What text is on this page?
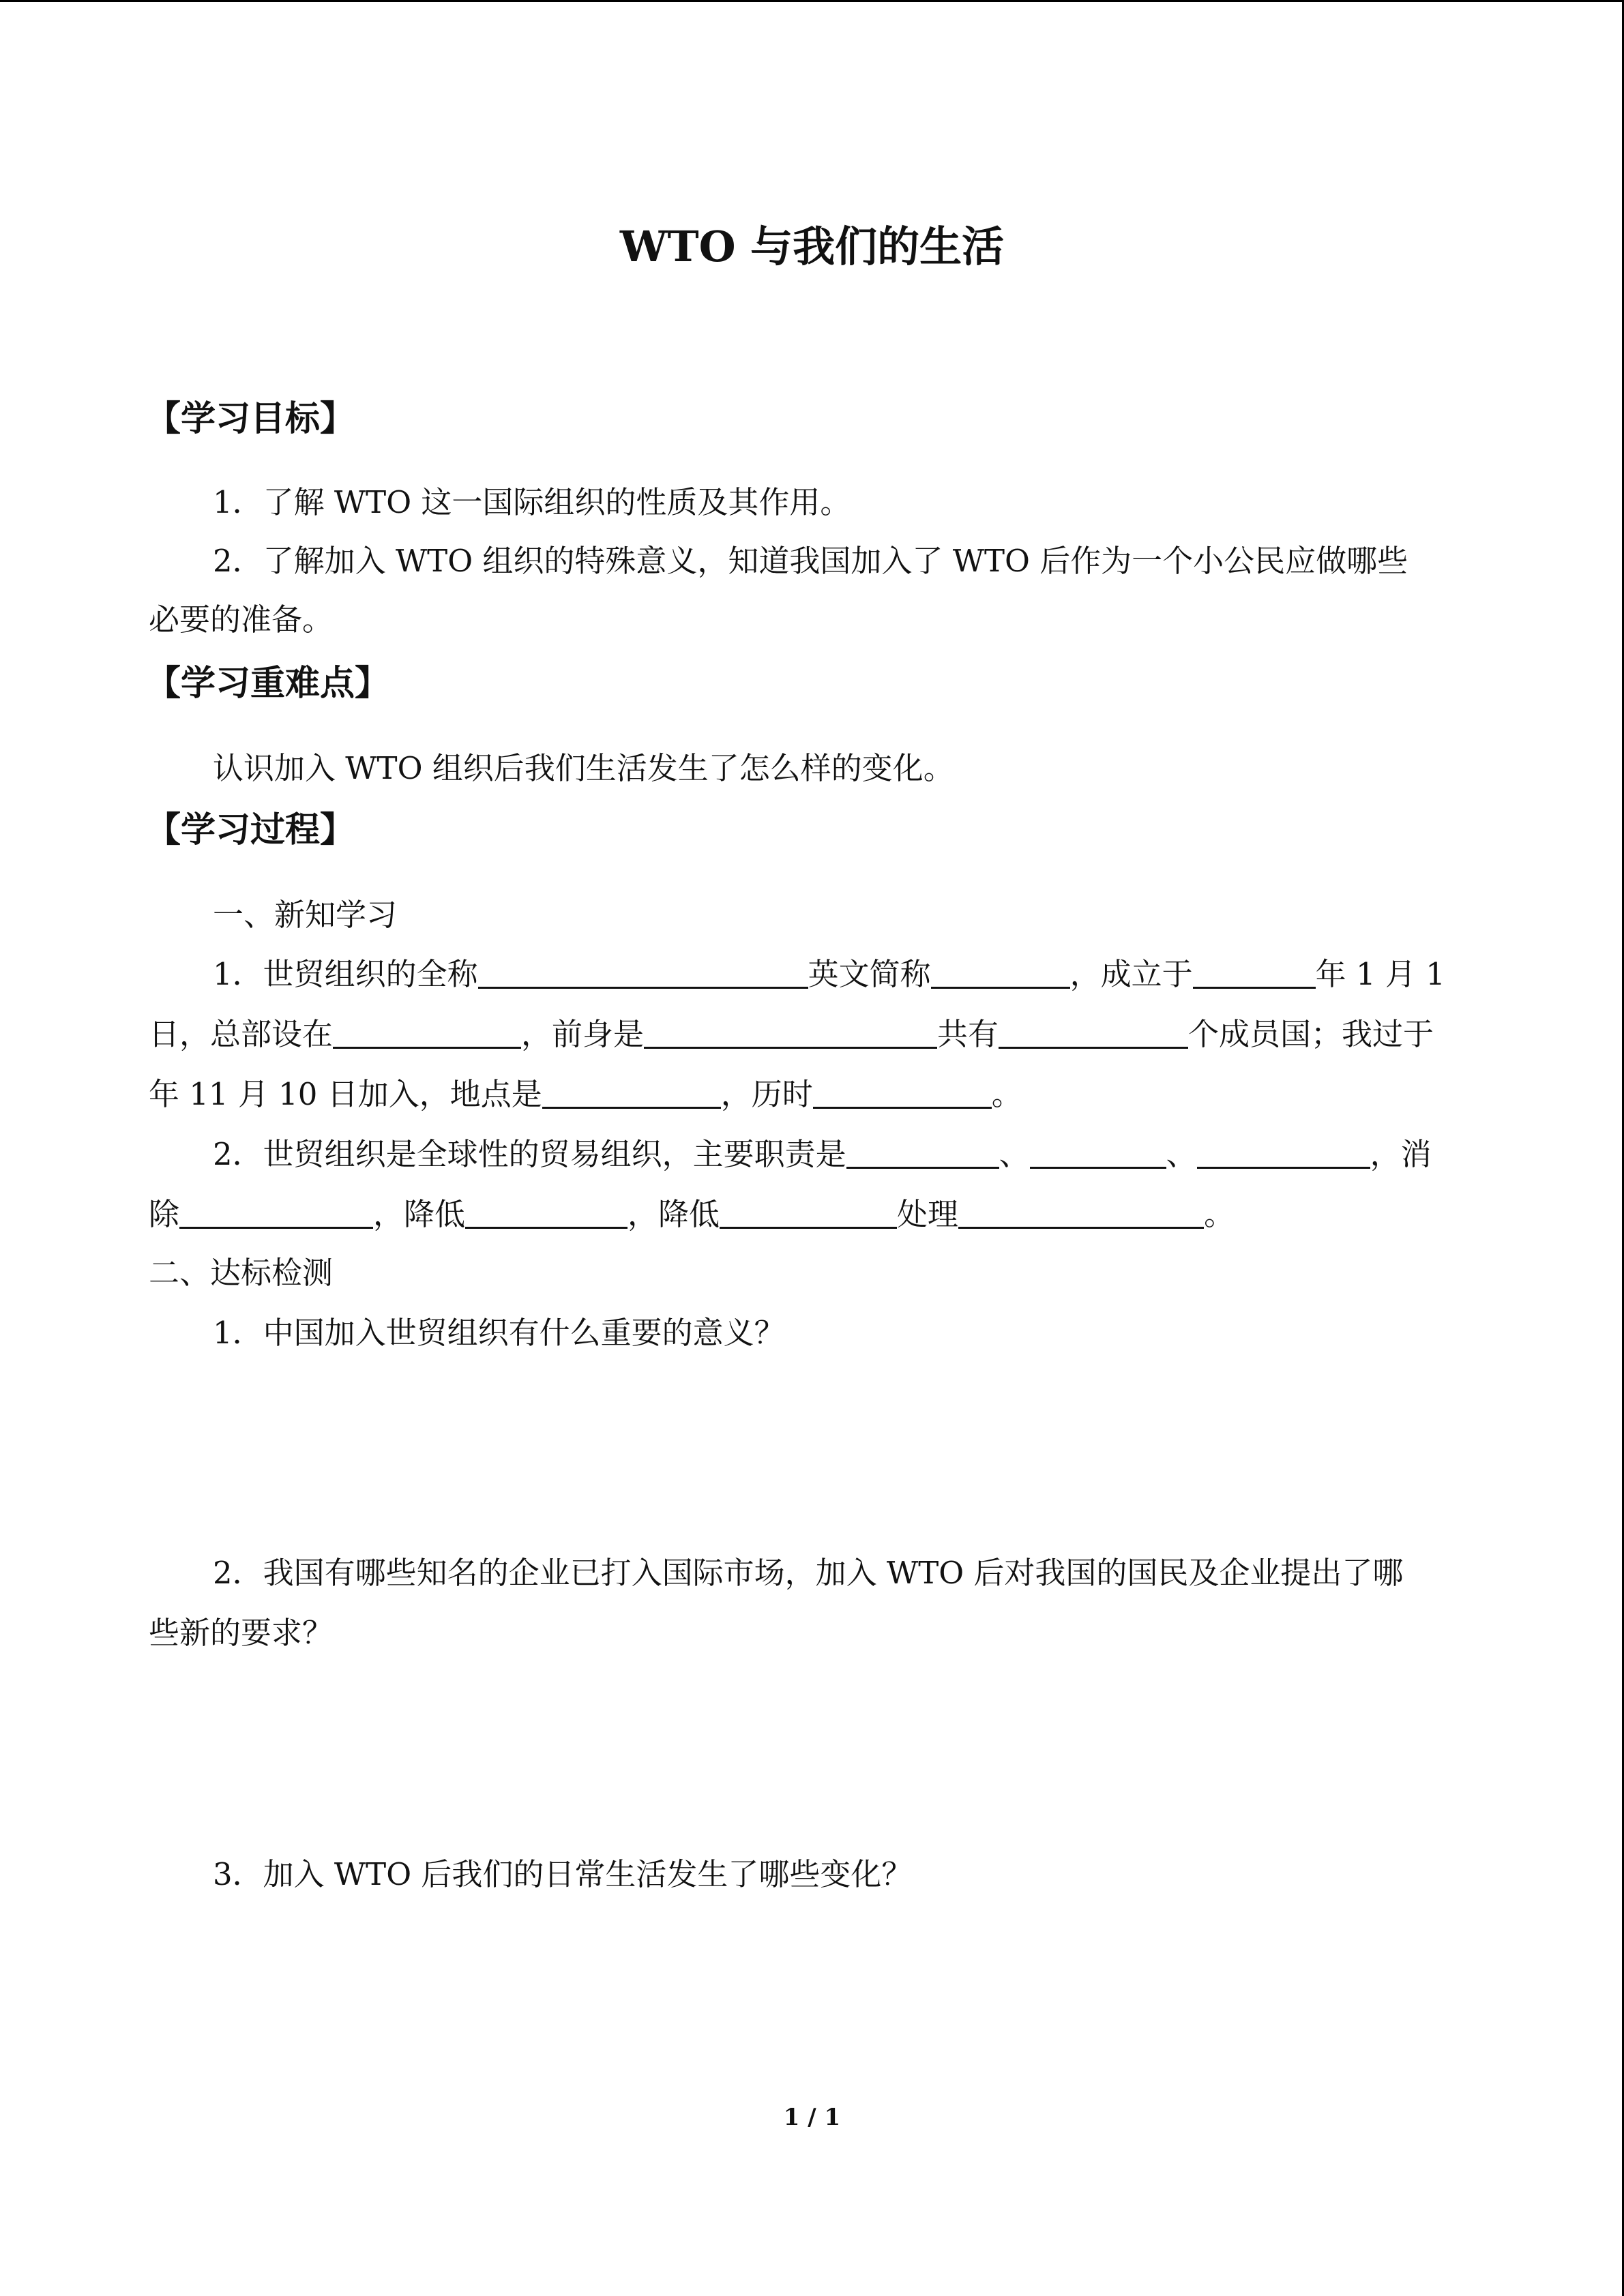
WTO 与我们的生活
【学习目标】
1．了解 WTO 这一国际组织的性质及其作用。
2．了解加入 WTO 组织的特殊意义，知道我国加入了 WTO 后作为一个小公民应做哪些
必要的准备。
【学习重难点】
认识加入 WTO 组织后我们生活发生了怎么样的变化。
【学习过程】
一、新知学习
1．世贸组织的全称	英文简称	，成立于	年 1 月 1
日，总部设在	，前身是	共有	个成员国；我过于
年 11 月 10 日加入，地点是	，历时	。
2．世贸组织是全球性的贸易组织，主要职责是	、	、	，消
除	，降低	，降低	处理	。
二、达标检测
1．中国加入世贸组织有什么重要的意义？
2．我国有哪些知名的企业已打入国际市场，加入 WTO 后对我国的国民及企业提出了哪
些新的要求？
3．加入 WTO 后我们的日常生活发生了哪些变化？
1 / 1
